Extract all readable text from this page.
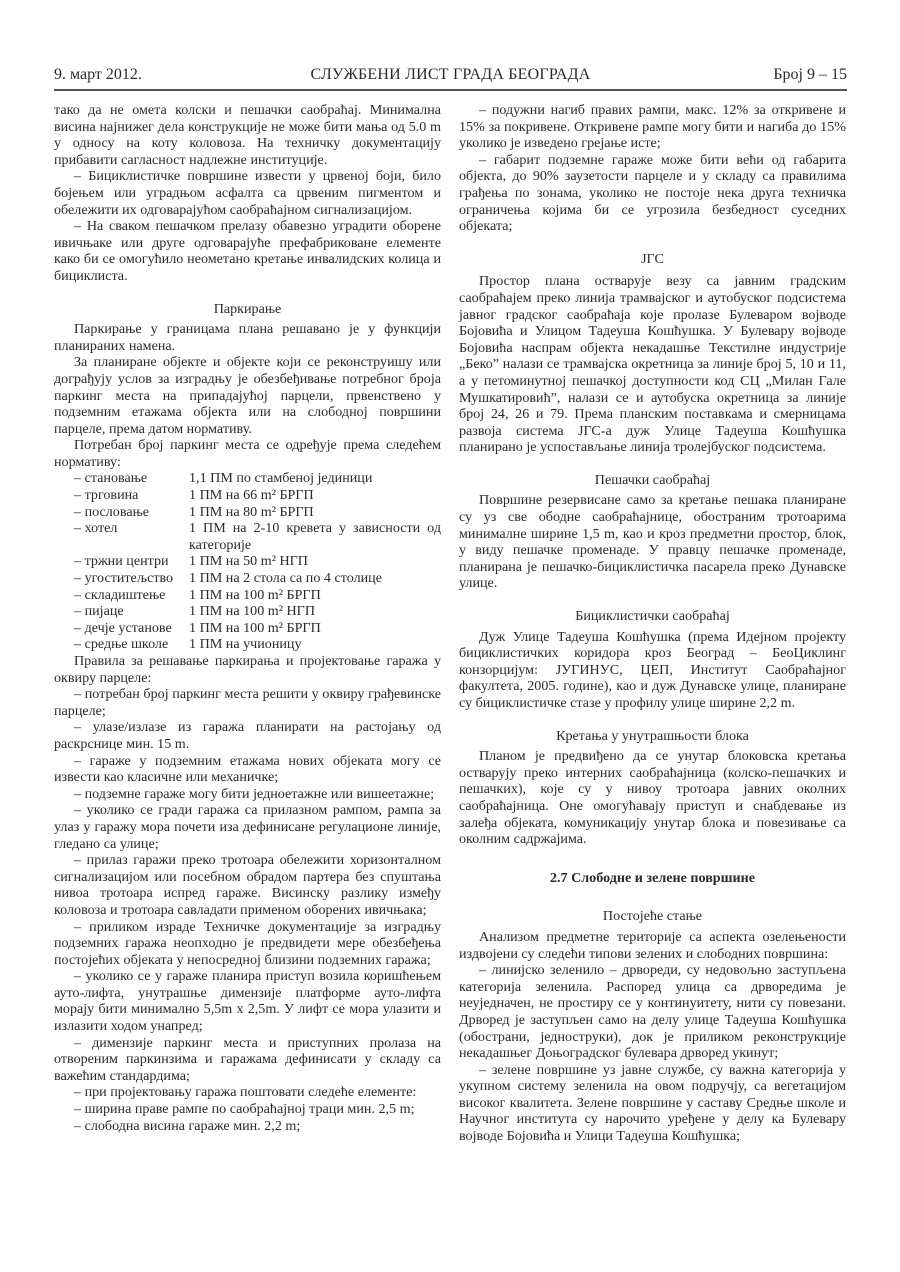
9. март 2012.	СЛУЖБЕНИ ЛИСТ ГРАДА БЕОГРАДА	Број 9 – 15

тако да не омета колски и пешачки саобраћај. Минимална висина најнижег дела конструкције не може бити мања од 5.0 m у односу на коту коловоза. На техничку документацију прибавити сагласност надлежне институције.

– Бициклистичке површине извести у црвеној боји, било бојењем или уградњом асфалта са црвеним пигментом и обележити их одговарајућом саобраћајном сигнализацијом.

– На сваком пешачком прелазу обавезно уградити оборене ивичњаке или друге одговарајуће префабриковане елементе како би се омогућило неометано кретање инвалидских колица и бициклиста.

Паркирање

Паркирање у границама плана решавано је у функцији планираних намена.

За планиране објекте и објекте који се реконструишу или дограђују услов за изградњу је обезбеђивање потребног броја паркинг места на припадајућој парцели, првенствено у подземним етажама објекта или на слободној површини парцеле, према датом нормативу.

Потребан број паркинг места се одређује према следећем нормативу:

– становање	1,1 ПМ по стамбеној јединици
– трговина	1 ПМ на 66 m² БРГП
– пословање	1 ПМ на 80 m² БРГП
– хотел	1 ПМ на 2-10 кревета у зависности од категорије
– тржни центри	1 ПМ на 50 m² НГП
– угоститељство	1 ПМ на 2 стола са по 4 столице
– складиштење	1 ПМ на 100 m² БРГП
– пијаце	1 ПМ на 100 m² НГП
– дечје установе	1 ПМ на 100 m² БРГП
– средње школе	1 ПМ на учионицу

Правила за решавање паркирања и пројектовање гаража у оквиру парцеле:

– потребан број паркинг места решити у оквиру грађевинске парцеле;

– улазе/излазе из гаража планирати на растојању од раскрснице мин. 15 m.

– гараже у подземним етажама нових објеката могу се извести као класичне или механичке;

– подземне гараже могу бити једноетажне или вишеетажне;

– уколико се гради гаража са прилазном рампом, рампа за улаз у гаражу мора почети иза дефинисане регулационе линије, гледано са улице;

– прилаз гаражи преко тротоара обележити хоризонталном сигнализацијом или посебном обрадом партера без спуштања нивоа тротоара испред гараже. Висинску разлику између коловоза и тротоара савладати применом оборених ивичњака;

– приликом израде Техничке документације за изградњу подземних гаража неопходно је предвидети мере обезбеђења постојећих објеката у непосредној близини подземних гаража;

– уколико се у гараже планира приступ возила коришћењем ауто-лифта, унутрашње димензије платформе ауто-лифта морају бити минимално 5,5m x 2,5m. У лифт се мора улазити и излазити ходом унапред;

– димензије паркинг места и приступних пролаза на отвореним паркинзима и гаражама дефинисати у складу са важећим стандардима;

– при пројектовању гаража поштовати следеће елементе:

– ширина праве рампе по саобраћајној траци мин. 2,5 m;

– слободна висина гараже мин. 2,2 m;

– подужни нагиб правих рампи, макс. 12% за откривене и 15% за покривене. Откривене рампе могу бити и нагиба до 15% уколико је изведено грејање исте;

– габарит подземне гараже може бити већи од габарита објекта, до 90% заузетости парцеле и у складу са правилима грађења по зонама, уколико не постоје нека друга техничка ограничења којима би се угрозила безбедност суседних објеката;

ЈГС

Простор плана остварује везу са јавним градским саобраћајем преко линија трамвајског и аутобуског подсистема јавног градског саобраћаја које пролазе Булеваром војводе Бојовића и Улицом Тадеуша Кошћушка. У Булевару војводе Бојовића наспрам објекта некадашње Текстилне индустрије „Беко” налази се трамвајска окретница за линије број 5, 10 и 11, а у петоминутној пешачкој доступности код СЦ „Милан Гале Мушкатировић”, налази се и аутобуска окретница за линије број 24, 26 и 79. Према планским поставкама и смерницама развоја система ЈГС-а дуж Улице Тадеуша Кошћушка планирано је успостављање линија тролејбуског подсистема.

Пешачки саобраћај

Површине резервисане само за кретање пешака планиране су уз све ободне саобраћајнице, обостраним тротоарима минималне ширине 1,5 m, као и кроз предметни простор, блок, у виду пешачке променаде. У правцу пешачке променаде, планирана је пешачко-бициклистичка пасарела преко Дунавске улице.

Бициклистички саобраћај

Дуж Улице Тадеуша Кошћушка (према Идејном пројекту бициклистичких коридора кроз Београд – БеоЦиклинг конзорцијум: ЈУГИНУС, ЦЕП, Институт Саобраћајног факултета, 2005. године), као и дуж Дунавске улице, планиране су бициклистичке стазе у профилу улице ширине 2,2 m.

Кретања у унутрашњости блока

Планом је предвиђено да се унутар блоковска кретања остварују преко интерних саобраћајница (колско-пешачких и пешачких), које су у нивоу тротоара јавних околних саобраћајница. Оне омогућавају приступ и снабдевање из залеђа објеката, комуникацију унутар блока и повезивање са околним садржајима.

2.7 Слободне и зелене површине
Постојеће стање

Анализом предметне територије са аспекта озелењености издвојени су следећи типови зелених и слободних површина:

– линијско зеленило – дрвореди, су недовољно заступљена категорија зеленила. Распоред улица са дрворедима је неуједначен, не простиру се у континуитету, нити су повезани. Дрворед је заступљен само на делу улице Тадеуша Кошћушка (обострани, једноструки), док је приликом реконструкције некадашњег Доњоградског булевара дрворед укинут;

– зелене површине уз јавне службе, су важна категорија у укупном систему зеленила на овом подручју, са вегетацијом високог квалитета. Зелене површине у саставу Средње школе и Научног института су нарочито уређене у делу ка Булевару војводе Бојовића и Улици Тадеуша Кошћушка;
